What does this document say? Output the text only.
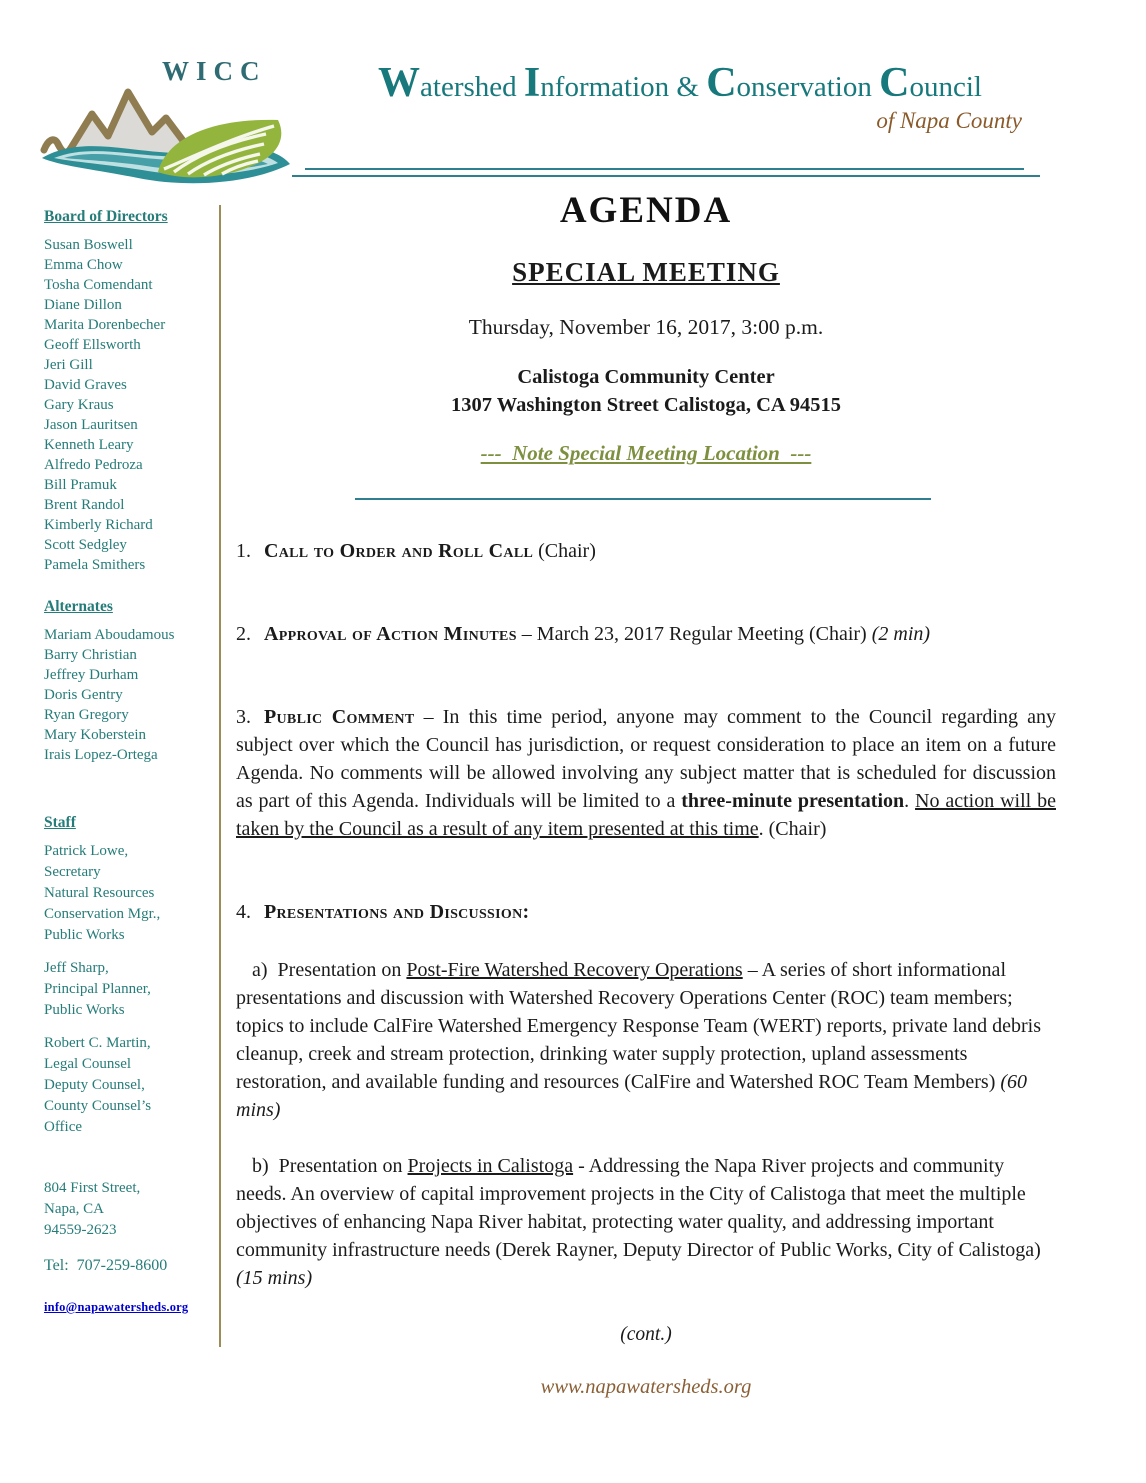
WICC	Watershed Information & Conservation Council
of Napa County
Board of Directors
Susan Boswell
Emma Chow
Tosha Comendant
Diane Dillon
Marita Dorenbecher
Geoff Ellsworth
Jeri Gill
David Graves
Gary Kraus
Jason Lauritsen
Kenneth Leary
Alfredo Pedroza
Bill Pramuk
Brent Randol
Kimberly Richard
Scott Sedgley
Pamela Smithers
Alternates
Mariam Aboudamous
Barry Christian
Jeffrey Durham
Doris Gentry
Ryan Gregory
Mary Koberstein
Irais Lopez-Ortega
Staff
Patrick Lowe,
Secretary
Natural Resources
Conservation Mgr.,
Public Works
Jeff Sharp,
Principal Planner,
Public Works
Robert C. Martin,
Legal Counsel
Deputy Counsel,
County Counsel’s
Office
804 First Street,
Napa, CA
94559-2623
Tel:  707-259-8600
info@napawatersheds.org
AGENDA
SPECIAL MEETING

Thursday, November 16, 2017, 3:00 p.m.

Calistoga Community Center
1307 Washington Street Calistoga, CA 94515

---  Note Special Meeting Location  ---

1. Call to Order and Roll Call (Chair)
2. Approval of Action Minutes – March 23, 2017 Regular Meeting (Chair) (2 min)
3. Public Comment – In this time period, anyone may comment to the Council regarding any subject over which the Council has jurisdiction, or request consideration to place an item on a future Agenda. No comments will be allowed involving any subject matter that is scheduled for discussion as part of this Agenda. Individuals will be limited to a three-minute presentation. No action will be taken by the Council as a result of any item presented at this time. (Chair)
4. Presentations and Discussion:
a) Presentation on Post-Fire Watershed Recovery Operations – A series of short informational presentations and discussion with Watershed Recovery Operations Center (ROC) team members; topics to include CalFire Watershed Emergency Response Team (WERT) reports, private land debris cleanup, creek and stream protection, drinking water supply protection, upland assessments restoration, and available funding and resources (CalFire and Watershed ROC Team Members) (60 mins)
b) Presentation on Projects in Calistoga - Addressing the Napa River projects and community needs. An overview of capital improvement projects in the City of Calistoga that meet the multiple objectives of enhancing Napa River habitat, protecting water quality, and addressing important community infrastructure needs (Derek Rayner, Deputy Director of Public Works, City of Calistoga) (15 mins)

(cont.)

www.napawatersheds.org
